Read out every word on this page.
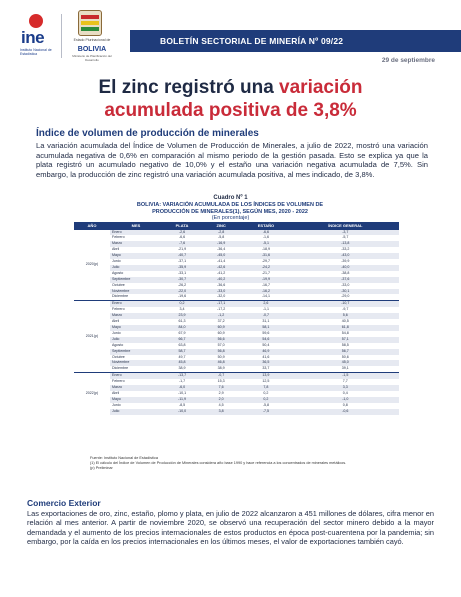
ine
Instituto Nacional de Estadística
Estado Plurinacional de
BOLIVIA
Ministerio de Planificación del Desarrollo
BOLETÍN SECTORIAL DE MINERÍA Nº 09/22
29 de septiembre
El zinc registró una variación
acumulada positiva de 3,8%
Índice de volumen de producción de minerales
La variación acumulada del Índice de Volumen de Producción de Minerales, a julio de 2022, mostró una variación acumulada negativa de 0,6% en comparación al mismo periodo de la gestión pasada. Esto se explica ya que la plata registró un acumulado negativo de 10,0% y el estaño una variación negativa acumulada de 7,5%. Sin embargo, la producción de zinc registró una variación acumulada positiva, al mes indicado, de 3,8%.
Cuadro Nº 1
BOLIVIA: VARIACIÓN ACUMULADA DE LOS ÍNDICES DE VOLUMEN DE PRODUCCIÓN DE MINERALES(1), SEGÚN MES, 2020 - 2022
(En porcentaje)
AÑO	MES	PLATA	ZINC	ESTAÑO	ÍNDICE GENERAL
2020(p)	Enero	-2,6	-2,8	-6,6	-3,7
	Febrero	-6,6	-5,8	-1,6	-5,7
	Marzo	-7,6	-16,9	-5,1	-13,8
	Abril	-21,9	-36,4	-18,9	-33,2
	Mayo	-40,7	-45,0	-31,6	-43,0
	Junio	-37,1	-41,4	-29,7	-39,9
	Julio	-35,9	-42,6	-24,2	-40,0
	Agosto	-33,1	-41,2	-21,7	-38,8
	Septiembre	-30,7	-40,2	-19,9	-37,6
	Octubre	-26,2	-36,6	-16,7	-33,0
	Noviembre	-22,0	-33,0	-16,2	-30,1
	Diciembre	-19,6	-32,0	-14,1	-29,0
2021(p)	Enero	0,2	-17,1	2,6	-10,7
	Febrero	3,4	-17,2	-1,1	-9,7
	Marzo	23,9	-1,2	-0,7	5,6
	Abril	61,3	37,2	31,1	40,5
	Mayo	84,0	60,9	58,1	61,8
	Junio	67,9	60,9	59,6	54,8
	Julio	66,7	56,6	54,6	57,1
	Agosto	63,8	57,0	50,4	58,5
	Septiembre	58,7	56,8	46,9	56,7
	Octubre	49,7	50,9	41,6	50,6
	Noviembre	45,8	46,8	36,5	45,0
	Diciembre	38,9	38,9	33,7	39,1
2022(p)	Enero	-13,7	-0,7	13,9	-1,5
	Febrero	-1,7	15,3	12,5	7,7
	Marzo	-6,0	7,6	7,8	3,3
	Abril	-10,1	2,9	0,2	0,4
	Mayo	-11,9	2,0	0,2	-1,0
	Junio	-8,5	4,5	-5,8	0,8
	Julio	-10,0	3,8	-7,5	-0,6
Fuente: Instituto Nacional de Estadística
(1) El cálculo del Índice de Volumen de Producción de Minerales considera año base 1990 y hace referencia a los concentrados de minerales metálicos.
(p) Preliminar
Comercio Exterior
Las exportaciones de oro, zinc, estaño, plomo y plata, en julio de 2022 alcanzaron a 451 millones de dólares, cifra menor en relación al mes anterior. A partir de noviembre 2020, se observó una recuperación del sector minero debido a la mayor demandada y el aumento de los precios internacionales de estos productos en época post-cuarentena por la pandemia; sin embargo, por la caída en los precios internacionales en los últimos meses, el valor de exportaciones también cayó.
